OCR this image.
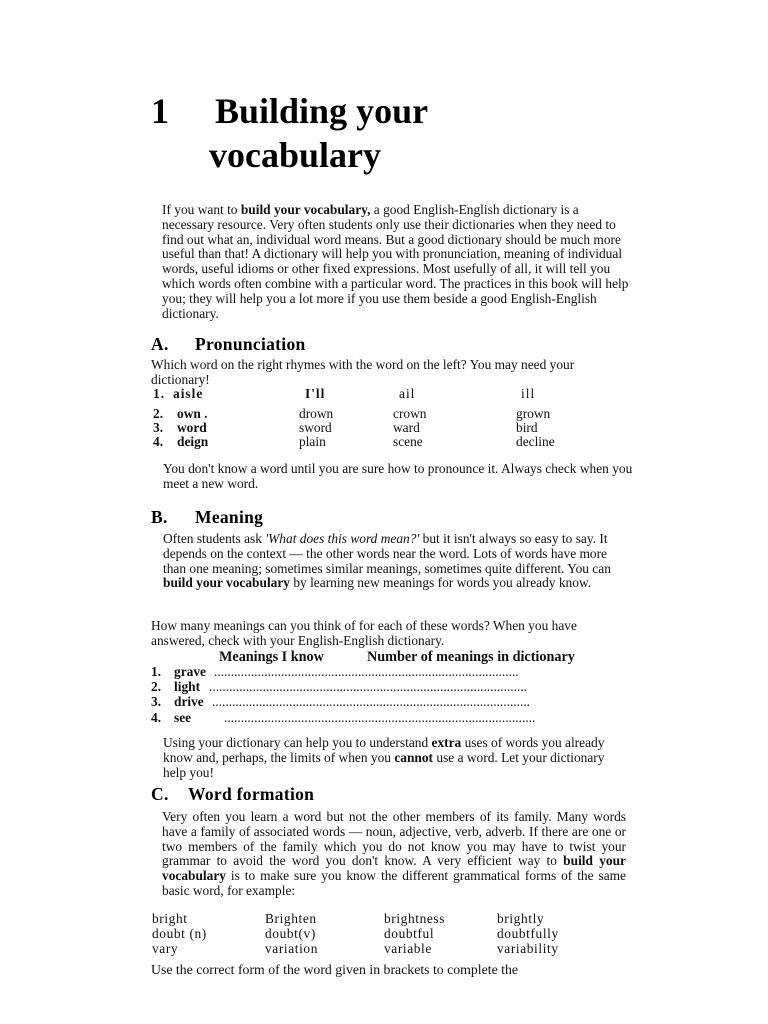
1 Building your
vocabulary
If you want to build your vocabulary, a good English-English dictionary is a necessary resource. Very often students only use their dictionaries when they need to find out what an, individual word means. But a good dictionary should be much more useful than that! A dictionary will help you with pronunciation, meaning of individual words, useful idioms or other fixed expressions. Most usefully of all, it will tell you which words often combine with a particular word. The practices in this book will help you; they will help you a lot more if you use them beside a good English-English dictionary.
A. Pronunciation
Which word on the right rhymes with the word on the left? You may need your dictionary!
1. aisle	I'll	ail	ill
2. own .	drown	crown	grown
3. word	sword	ward	bird
4. deign	plain	scene	decline
You don't know a word until you are sure how to pronounce it. Always check when you meet a new word.
B. Meaning
Often students ask 'What does this word mean?' but it isn't always so easy to say. It depends on the context — the other words near the word. Lots of words have more than one meaning; sometimes similar meanings, sometimes quite different. You can build your vocabulary by learning new meanings for words you already know.
How many meanings can you think of for each of these words? When you have answered, check with your English-English dictionary.
Meanings I know	Number of meanings in dictionary
1. grave ...........................................................................................
2. light ...............................................................................................
3. drive ...............................................................................................
4. see .............................................................................................
Using your dictionary can help you to understand extra uses of words you already know and, perhaps, the limits of when you cannot use a word. Let your dictionary help you!
C. Word formation
Very often you learn a word but not the other members of its family. Many words have a family of associated words — noun, adjective, verb, adverb. If there are one or two members of the family which you do not know you may have to twist your grammar to avoid the word you don't know. A very efficient way to build your vocabulary is to make sure you know the different grammatical forms of the same basic word, for example:
bright	Brighten	brightness	brightly
doubt (n)	doubt(v)	doubtful	doubtfully
vary	variation	variable	variability
Use the correct form of the word given in brackets to complete the
